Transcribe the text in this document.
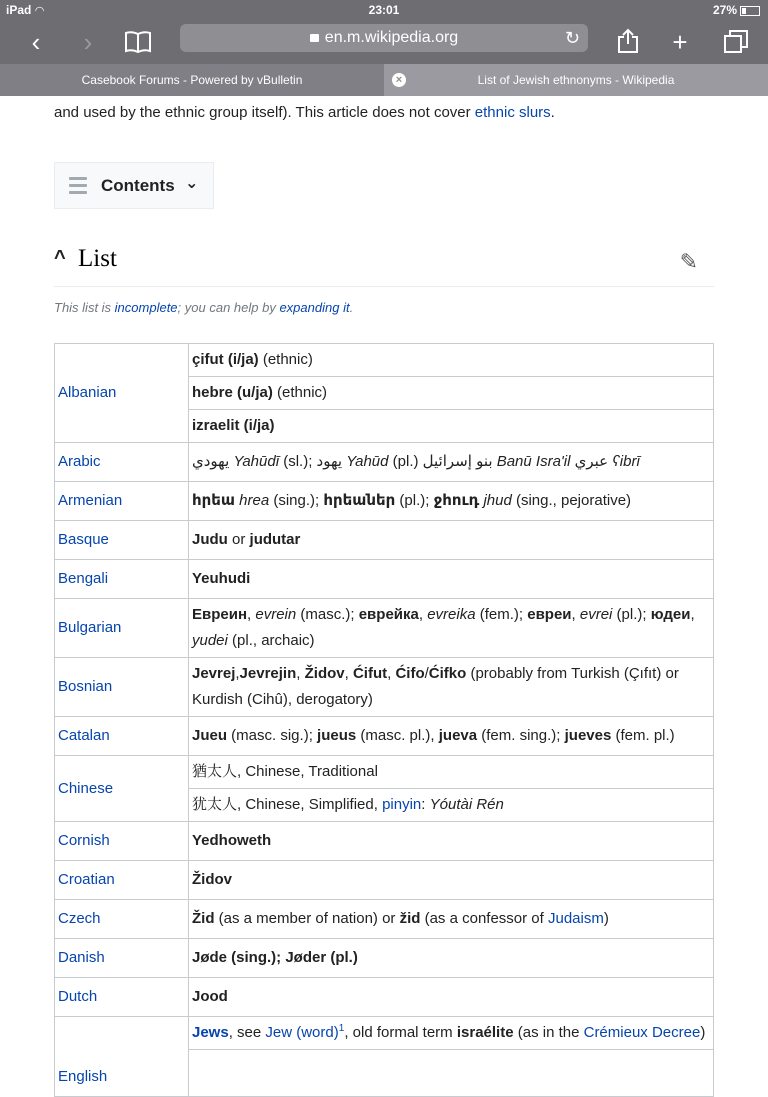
iPad ◠	23:01	27%
‹	›	en.m.wikipedia.org	↻	+
Casebook Forums - Powered by vBulletin	×	List of Jewish ethnonyms - Wikipedia
and used by the ethnic group itself). This article does not cover ethnic slurs.
Contents ⌄
^ List	✎
This list is incomplete; you can help by expanding it.
Albanian	çifut (i/ja) (ethnic)
	hebre (u/ja) (ethnic)
	izraelit (i/ja)
Arabic	يهودي Yahūdī (sl.); يهود Yahūd (pl.) بنو إسرائيل Banū Isra'il عبري ʕibrī
Armenian	հրեա hrea (sing.); հրեաներ (pl.); ջհուդ jhud (sing., pejorative)
Basque	Judu or judutar
Bengali	Yeuhudi
Bulgarian	Евреин, evrein (masc.); еврейка, evreika (fem.); евреи, evrei (pl.); юдеи, yudei (pl., archaic)
Bosnian	Jevrej,Jevrejin, Židov, Ćifut, Ćifo/Ćifko (probably from Turkish (Çıfıt) or Kurdish (Cihû), derogatory)
Catalan	Jueu (masc. sig.); jueus (masc. pl.), jueva (fem. sing.); jueves (fem. pl.)
Chinese	猶太人, Chinese, Traditional
	犹太人, Chinese, Simplified, pinyin: Yóutài Rén
Cornish	Yedhoweth
Croatian	Židov
Czech	Žid (as a member of nation) or žid (as a confessor of Judaism)
Danish	Jøde (sing.); Jøder (pl.)
Dutch	Jood
English	Jews, see Jew (word)$^1$, old formal term israélite (as in the Crémieux Decree)
